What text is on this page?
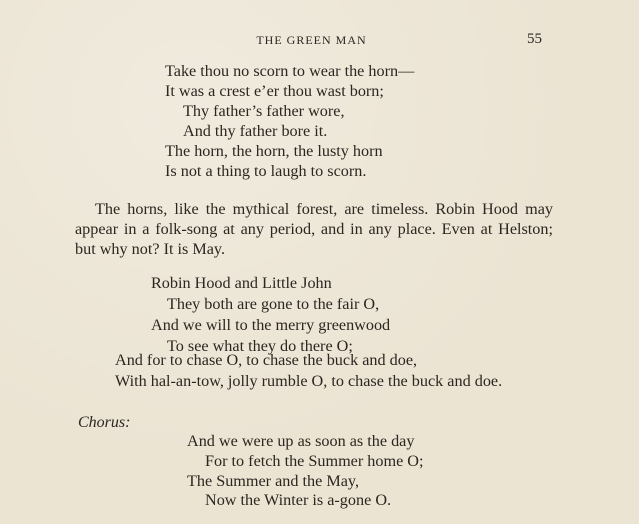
THE GREEN MAN	55
Take thou no scorn to wear the horn—
It was a crest e’er thou wast born;
Thy father’s father wore,
And thy father bore it.
The horn, the horn, the lusty horn
Is not a thing to laugh to scorn.
The horns, like the mythical forest, are timeless. Robin Hood may appear in a folk-song at any period, and in any place. Even at Helston; but why not? It is May.
Robin Hood and Little John
They both are gone to the fair O,
And we will to the merry greenwood
To see what they do there O;
And for to chase O, to chase the buck and doe,
With hal-an-tow, jolly rumble O, to chase the buck and doe.
Chorus:
And we were up as soon as the day
For to fetch the Summer home O;
The Summer and the May,
Now the Winter is a-gone O.
